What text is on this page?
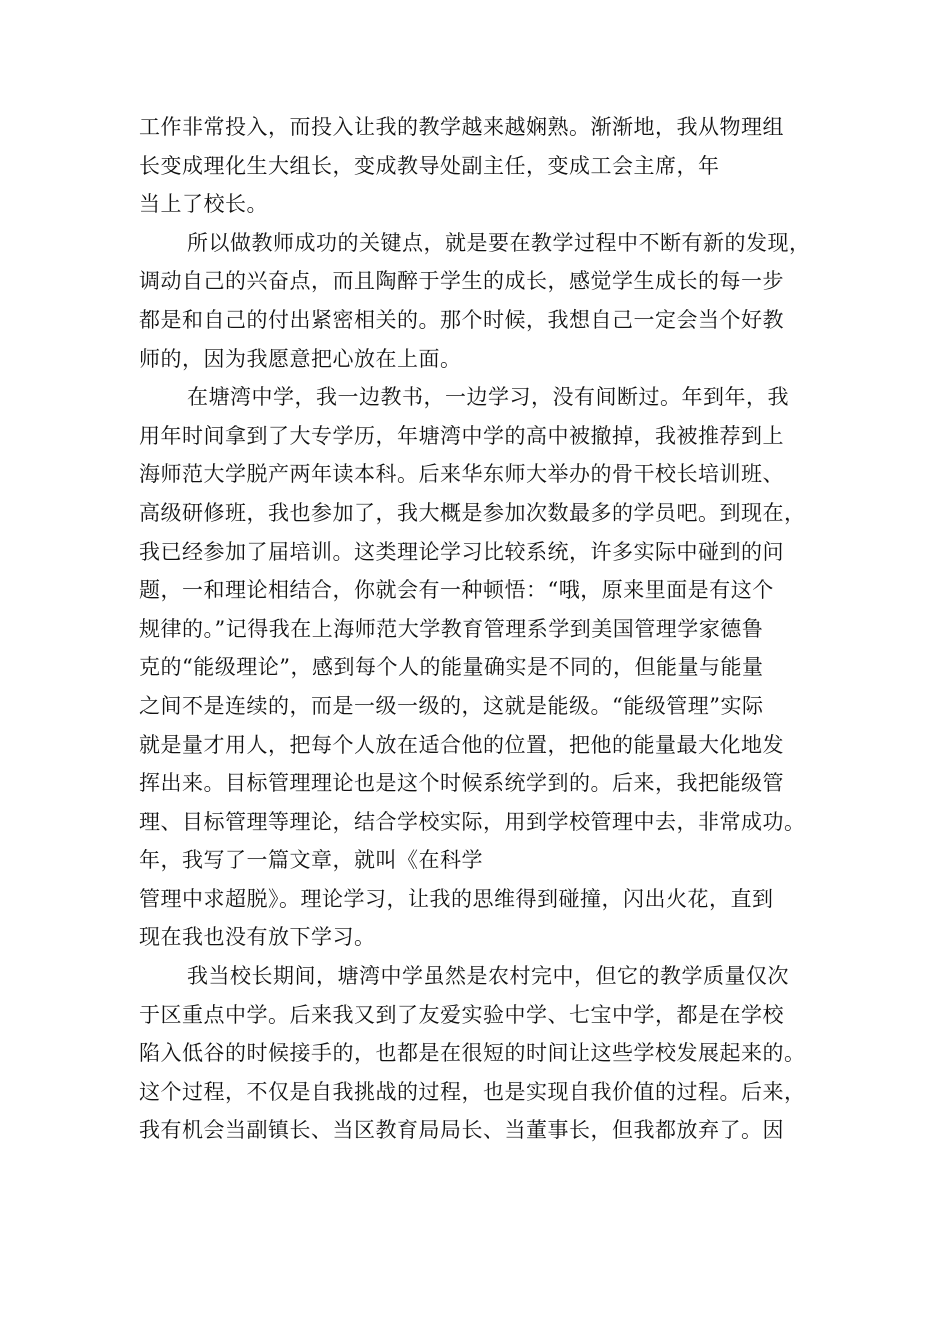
工作非常投入，而投入让我的教学越来越娴熟。渐渐地，我从物理组
长变成理化生大组长，变成教导处副主任，变成工会主席，年
当上了校长。
所以做教师成功的关键点，就是要在教学过程中不断有新的发现，
调动自己的兴奋点，而且陶醉于学生的成长，感觉学生成长的每一步
都是和自己的付出紧密相关的。那个时候，我想自己一定会当个好教
师的，因为我愿意把心放在上面。
在塘湾中学，我一边教书，一边学习，没有间断过。年到年，我
用年时间拿到了大专学历，年塘湾中学的高中被撤掉，我被推荐到上
海师范大学脱产两年读本科。后来华东师大举办的骨干校长培训班、
高级研修班，我也参加了，我大概是参加次数最多的学员吧。到现在，
我已经参加了届培训。这类理论学习比较系统，许多实际中碰到的问
题，一和理论相结合，你就会有一种顿悟：“哦，原来里面是有这个
规律的。”记得我在上海师范大学教育管理系学到美国管理学家德鲁
克的“能级理论”，感到每个人的能量确实是不同的，但能量与能量
之间不是连续的，而是一级一级的，这就是能级。“能级管理”实际
就是量才用人，把每个人放在适合他的位置，把他的能量最大化地发
挥出来。目标管理理论也是这个时候系统学到的。后来，我把能级管
理、目标管理等理论，结合学校实际，用到学校管理中去，非常成功。
年，我写了一篇文章，就叫《在科学
管理中求超脱》。理论学习，让我的思维得到碰撞，闪出火花，直到
现在我也没有放下学习。
我当校长期间，塘湾中学虽然是农村完中，但它的教学质量仅次
于区重点中学。后来我又到了友爱实验中学、七宝中学，都是在学校
陷入低谷的时候接手的，也都是在很短的时间让这些学校发展起来的。
这个过程，不仅是自我挑战的过程，也是实现自我价值的过程。后来，
我有机会当副镇长、当区教育局局长、当董事长，但我都放弃了。因
